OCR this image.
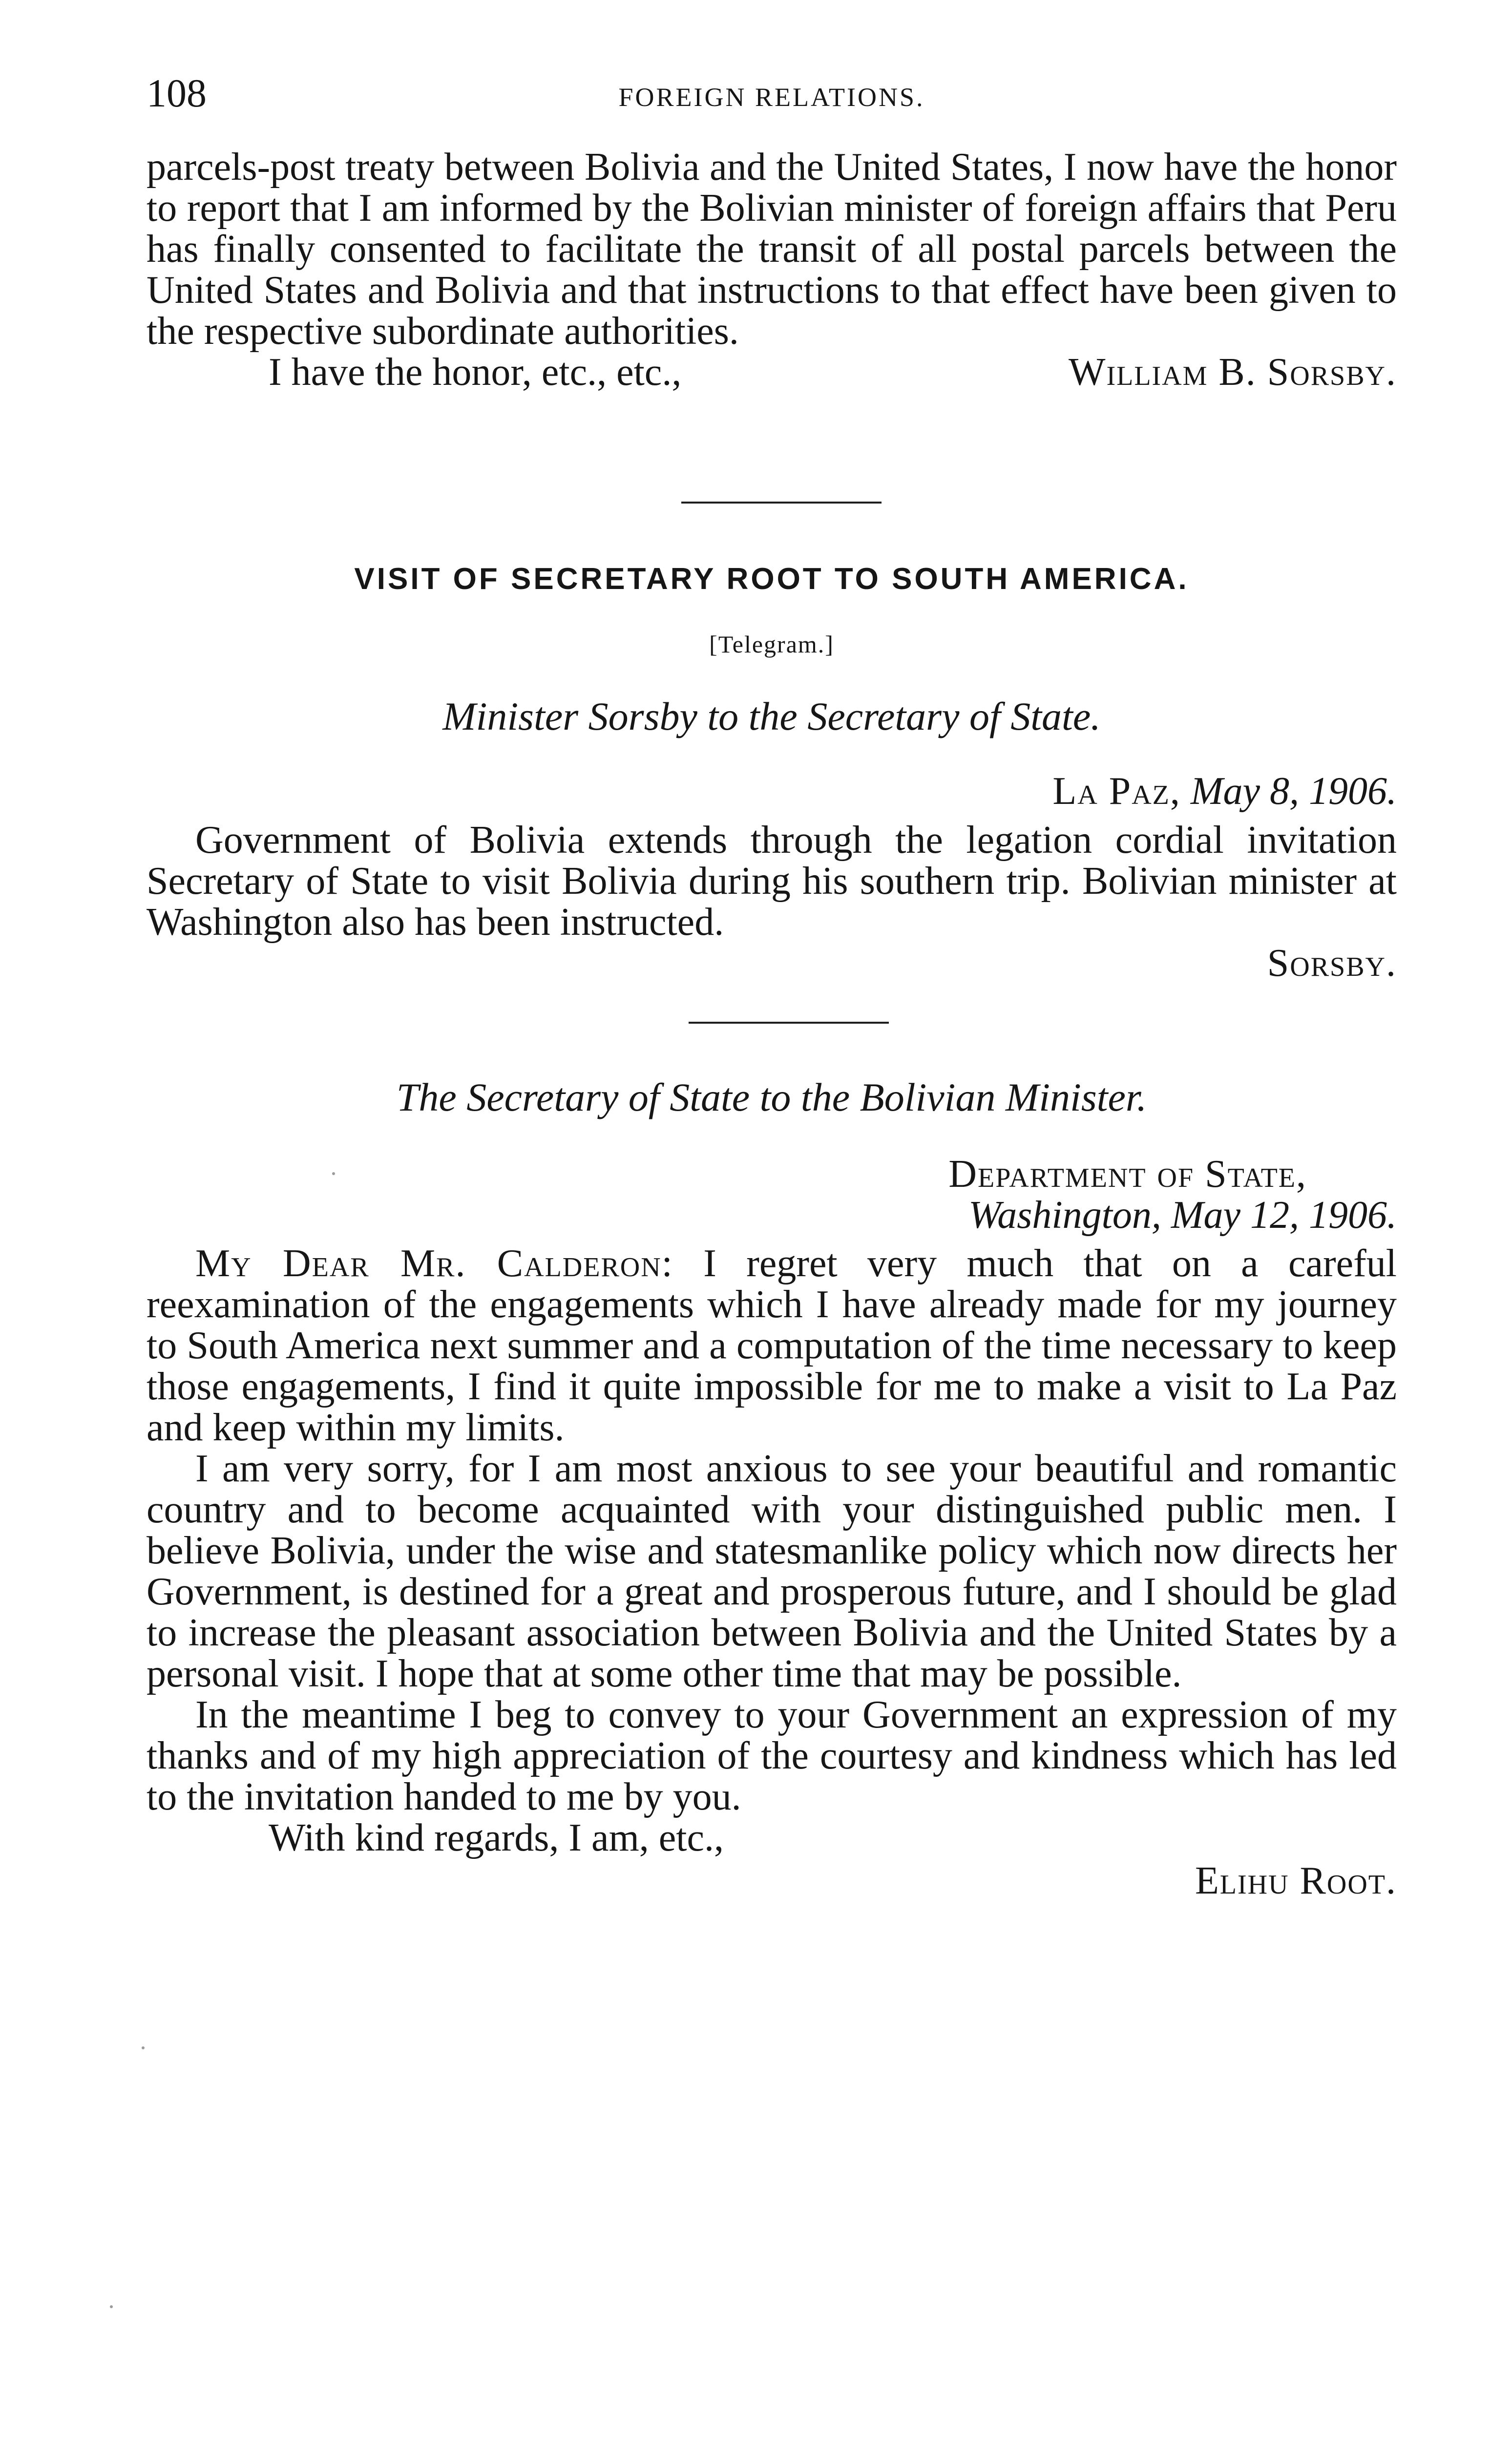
108	FOREIGN RELATIONS.

parcels-post treaty between Bolivia and the United States, I now have the honor to report that I am informed by the Bolivian minister of foreign affairs that Peru has finally consented to facilitate the transit of all postal parcels between the United States and Bolivia and that instructions to that effect have been given to the respective subordinate authorities.

I have the honor, etc., etc.,	William B. Sorsby.
VISIT OF SECRETARY ROOT TO SOUTH AMERICA.
[Telegram.]
Minister Sorsby to the Secretary of State.
La Paz, May 8, 1906.

Government of Bolivia extends through the legation cordial invitation Secretary of State to visit Bolivia during his southern trip. Bolivian minister at Washington also has been instructed.

Sorsby.

The Secretary of State to the Bolivian Minister.
Department of State,
Washington, May 12, 1906.

My Dear Mr. Calderon: I regret very much that on a careful reexamination of the engagements which I have already made for my journey to South America next summer and a computation of the time necessary to keep those engagements, I find it quite impossible for me to make a visit to La Paz and keep within my limits.

I am very sorry, for I am most anxious to see your beautiful and romantic country and to become acquainted with your distinguished public men. I believe Bolivia, under the wise and statesmanlike policy which now directs her Government, is destined for a great and prosperous future, and I should be glad to increase the pleasant association between Bolivia and the United States by a personal visit. I hope that at some other time that may be possible.

In the meantime I beg to convey to your Government an expression of my thanks and of my high appreciation of the courtesy and kindness which has led to the invitation handed to me by you.

With kind regards, I am, etc.,

Elihu Root.
